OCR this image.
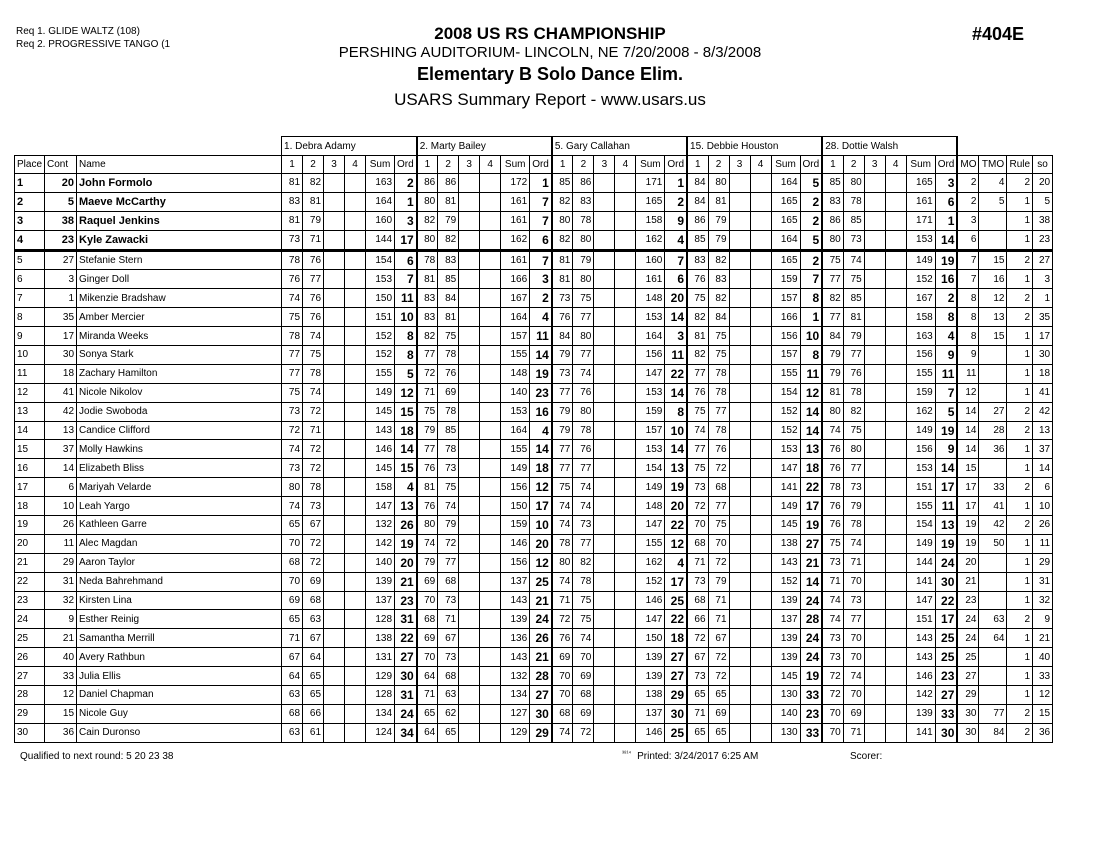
Req 1. GLIDE WALTZ (108)
Req 2. PROGRESSIVE TANGO (1
2008 US RS CHAMPIONSHIP
PERSHING AUDITORIUM- LINCOLN, NE 7/20/2008 - 8/3/2008
Elementary B Solo Dance Elim.
USARS Summary Report - www.usars.us
#404E
			1. Debra Adamy						2. Marty Bailey						5. Gary Callahan						15. Debbie Houston						28. Dottie Walsh									
Place	Cont	Name	1	2	3	4	Sum	Ord	1	2	3	4	Sum	Ord	1	2	3	4	Sum	Ord	1	2	3	4	Sum	Ord	1	2	3	4	Sum	Ord	MO	TMO	Rule	so
1	20	John Formolo	81	82			163	2	86	86			172	1	85	86			171	1	84	80			164	5	85	80			165	3	2	4	2	20
2	5	Maeve McCarthy	83	81			164	1	80	81			161	7	82	83			165	2	84	81			165	2	83	78			161	6	2	5	1	5
3	38	Raquel Jenkins	81	79			160	3	82	79			161	7	80	78			158	9	86	79			165	2	86	85			171	1	3		1	38
4	23	Kyle Zawacki	73	71			144	17	80	82			162	6	82	80			162	4	85	79			164	5	80	73			153	14	6		1	23
5	27	Stefanie Stern	78	76			154	6	78	83			161	7	81	79			160	7	83	82			165	2	75	74			149	19	7	15	2	27
6	3	Ginger Doll	76	77			153	7	81	85			166	3	81	80			161	6	76	83			159	7	77	75			152	16	7	16	1	3
7	1	Mikenzie Bradshaw	74	76			150	11	83	84			167	2	73	75			148	20	75	82			157	8	82	85			167	2	8	12	2	1
8	35	Amber Mercier	75	76			151	10	83	81			164	4	76	77			153	14	82	84			166	1	77	81			158	8	8	13	2	35
9	17	Miranda Weeks	78	74			152	8	82	75			157	11	84	80			164	3	81	75			156	10	84	79			163	4	8	15	1	17
10	30	Sonya Stark	77	75			152	8	77	78			155	14	79	77			156	11	82	75			157	8	79	77			156	9	9		1	30
11	18	Zachary Hamilton	77	78			155	5	72	76			148	19	73	74			147	22	77	78			155	11	79	76			155	11	11		1	18
12	41	Nicole Nikolov	75	74			149	12	71	69			140	23	77	76			153	14	76	78			154	12	81	78			159	7	12		1	41
13	42	Jodie Swoboda	73	72			145	15	75	78			153	16	79	80			159	8	75	77			152	14	80	82			162	5	14	27	2	42
14	13	Candice Clifford	72	71			143	18	79	85			164	4	79	78			157	10	74	78			152	14	74	75			149	19	14	28	2	13
15	37	Molly Hawkins	74	72			146	14	77	78			155	14	77	76			153	14	77	76			153	13	76	80			156	9	14	36	1	37
16	14	Elizabeth Bliss	73	72			145	15	76	73			149	18	77	77			154	13	75	72			147	18	76	77			153	14	15		1	14
17	6	Mariyah Velarde	80	78			158	4	81	75			156	12	75	74			149	19	73	68			141	22	78	73			151	17	17	33	2	6
18	10	Leah Yargo	74	73			147	13	76	74			150	17	74	74			148	20	72	77			149	17	76	79			155	11	17	41	1	10
19	26	Kathleen Garre	65	67			132	26	80	79			159	10	74	73			147	22	70	75			145	19	76	78			154	13	19	42	2	26
20	11	Alec Magdan	70	72			142	19	74	72			146	20	78	77			155	12	68	70			138	27	75	74			149	19	19	50	1	11
21	29	Aaron Taylor	68	72			140	20	79	77			156	12	80	82			162	4	71	72			143	21	73	71			144	24	20		1	29
22	31	Neda Bahrehmand	70	69			139	21	69	68			137	25	74	78			152	17	73	79			152	14	71	70			141	30	21		1	31
23	32	Kirsten Lina	69	68			137	23	70	73			143	21	71	75			146	25	68	71			139	24	74	73			147	22	23		1	32
24	9	Esther Reinig	65	63			128	31	68	71			139	24	72	75			147	22	66	71			137	28	74	77			151	17	24	63	2	9
25	21	Samantha Merrill	71	67			138	22	69	67			136	26	76	74			150	18	72	67			139	24	73	70			143	25	24	64	1	21
26	40	Avery Rathbun	67	64			131	27	70	73			143	21	69	70			139	27	67	72			139	24	73	70			143	25	25		1	40
27	33	Julia Ellis	64	65			129	30	64	68			132	28	70	69			139	27	73	72			145	19	72	74			146	23	27		1	33
28	12	Daniel Chapman	63	65			128	31	71	63			134	27	70	68			138	29	65	65			130	33	72	70			142	27	29		1	12
29	15	Nicole Guy	68	66			134	24	65	62			127	30	68	69			137	30	71	69			140	23	70	69			139	33	30	77	2	15
30	36	Cain Duronso	63	61			124	34	64	65			129	29	74	72			146	25	65	65			130	33	70	71			141	30	30	84	2	36
Qualified to next round: 5 20 23 38	$^{^{3814}}$ Printed: 3/24/2017 6:25 AM	Scorer:
